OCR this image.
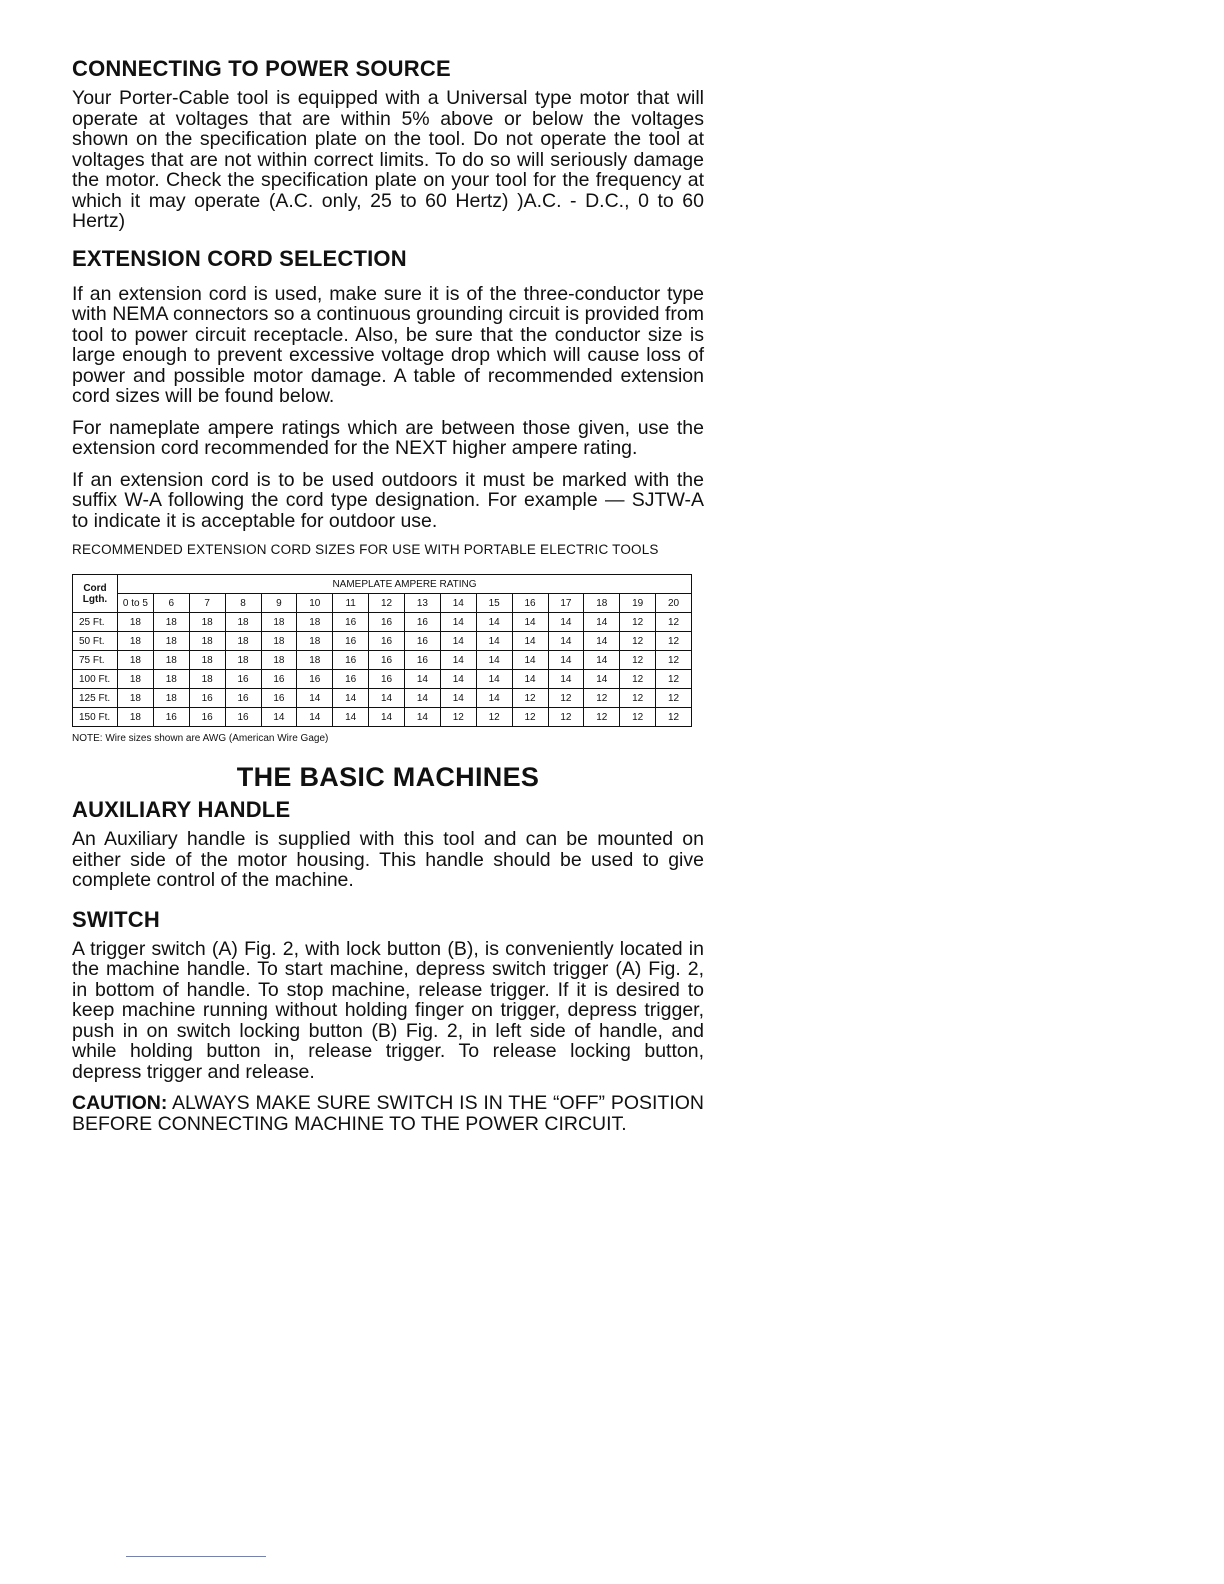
CONNECTING TO POWER SOURCE

Your Porter-Cable tool is equipped with a Universal type motor that will operate at voltages that are within 5% above or below the voltages shown on the specification plate on the tool. Do not operate the tool at voltages that are not within correct limits. To do so will seriously damage the motor. Check the specification plate on your tool for the frequency at which it may operate (A.C. only, 25 to 60 Hertz) )A.C. - D.C., 0 to 60 Hertz)

EXTENSION CORD SELECTION

If an extension cord is used, make sure it is of the three-conductor type with NEMA connectors so a continuous grounding circuit is provided from tool to power circuit receptacle. Also, be sure that the conductor size is large enough to prevent excessive voltage drop which will cause loss of power and possible motor damage. A table of recommended extension cord sizes will be found below.

For nameplate ampere ratings which are between those given, use the extension cord recommended for the NEXT higher ampere rating.

If an extension cord is to be used outdoors it must be marked with the suffix W-A following the cord type designation. For example — SJTW-A to indicate it is acceptable for outdoor use.

RECOMMENDED EXTENSION CORD SIZES FOR USE WITH PORTABLE ELECTRIC TOOLS
Cord
Lgth.	NAMEPLATE AMPERE RATING															
	0 to 5	6	7	8	9	10	11	12	13	14	15	16	17	18	19	20
25 Ft.	18	18	18	18	18	18	16	16	16	14	14	14	14	14	12	12
50 Ft.	18	18	18	18	18	18	16	16	16	14	14	14	14	14	12	12
75 Ft.	18	18	18	18	18	18	16	16	16	14	14	14	14	14	12	12
100 Ft.	18	18	18	16	16	16	16	16	14	14	14	14	14	14	12	12
125 Ft.	18	18	16	16	16	14	14	14	14	14	14	12	12	12	12	12
150 Ft.	18	16	16	16	14	14	14	14	14	12	12	12	12	12	12	12
NOTE: Wire sizes shown are AWG (American Wire Gage)
THE BASIC MACHINES
AUXILIARY HANDLE

An Auxiliary handle is supplied with this tool and can be mounted on either side of the motor housing. This handle should be used to give complete control of the machine.

SWITCH

A trigger switch (A) Fig. 2, with lock button (B), is conveniently located in the machine handle. To start machine, depress switch trigger (A) Fig. 2, in bottom of handle. To stop machine, release trigger. If it is desired to keep machine running without holding finger on trigger, depress trigger, push in on switch locking button (B) Fig. 2, in left side of handle, and while holding button in, release trigger. To release locking button, depress trigger and release.

CAUTION: ALWAYS MAKE SURE SWITCH IS IN THE “OFF” POSITION BEFORE CONNECTING MACHINE TO THE POWER CIRCUIT.
